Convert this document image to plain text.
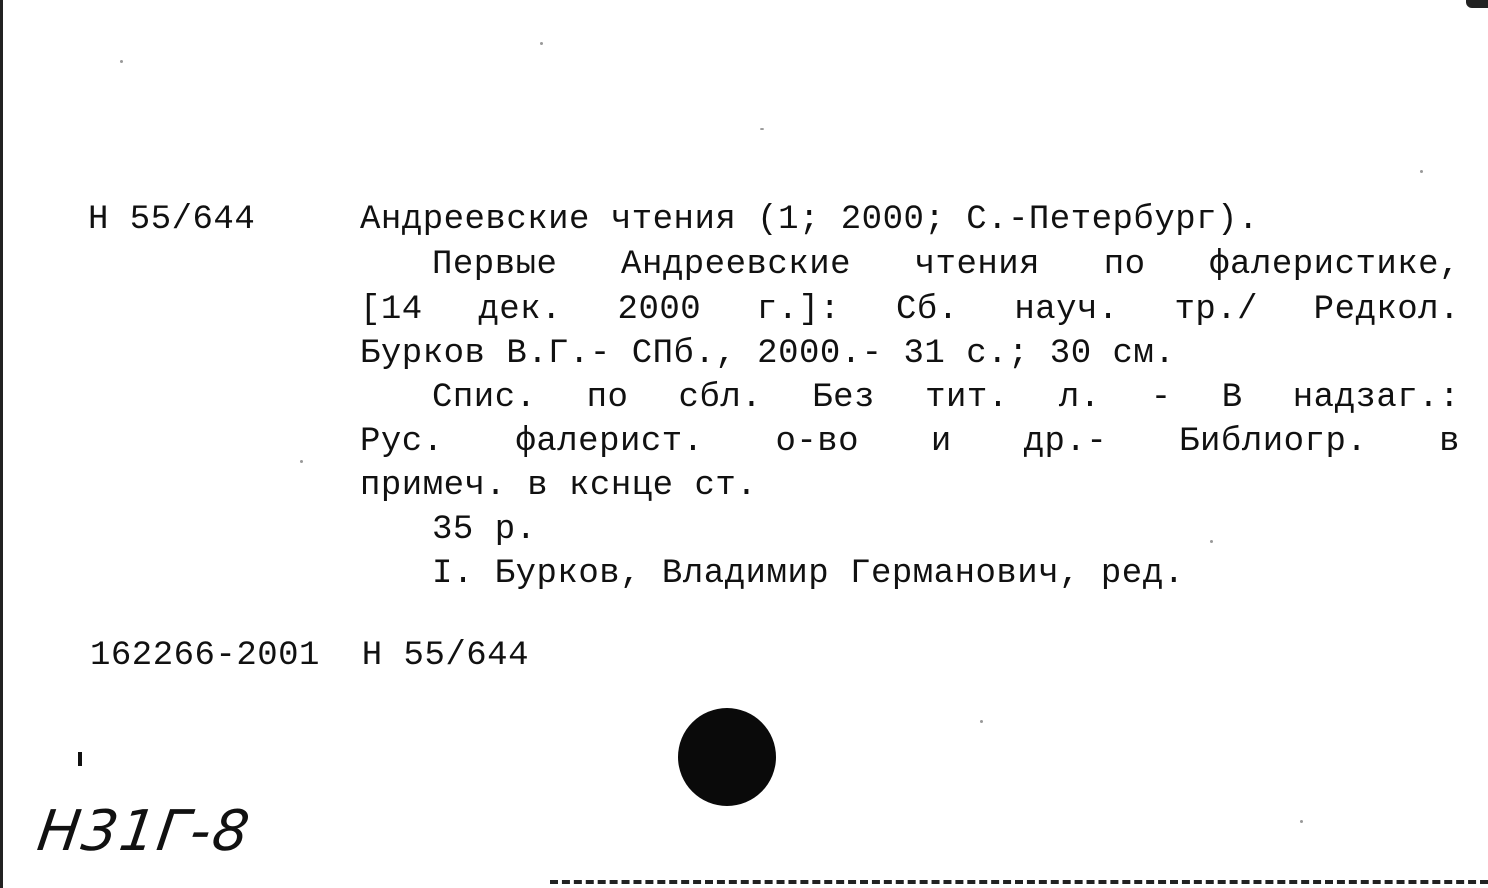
Н 55/644	Андреевские чтения (1; 2000; С.-Петербург).
Первые Андреевские чтения по фалеристике,
[14 дек. 2000 г.]: Сб. науч. тр./ Редкол.
Бурков В.Г.- СПб., 2000.- 31 с.; 30 см.
Спис. по сбл. Без тит. л. - В надзаг.:
Рус. фалерист. о-во и др.- Библиогр. в
примеч. в кснце ст.
35 р.
I. Бурков, Владимир Германович, ред.
162266-2001  Н 55/644
Н31Г-8
